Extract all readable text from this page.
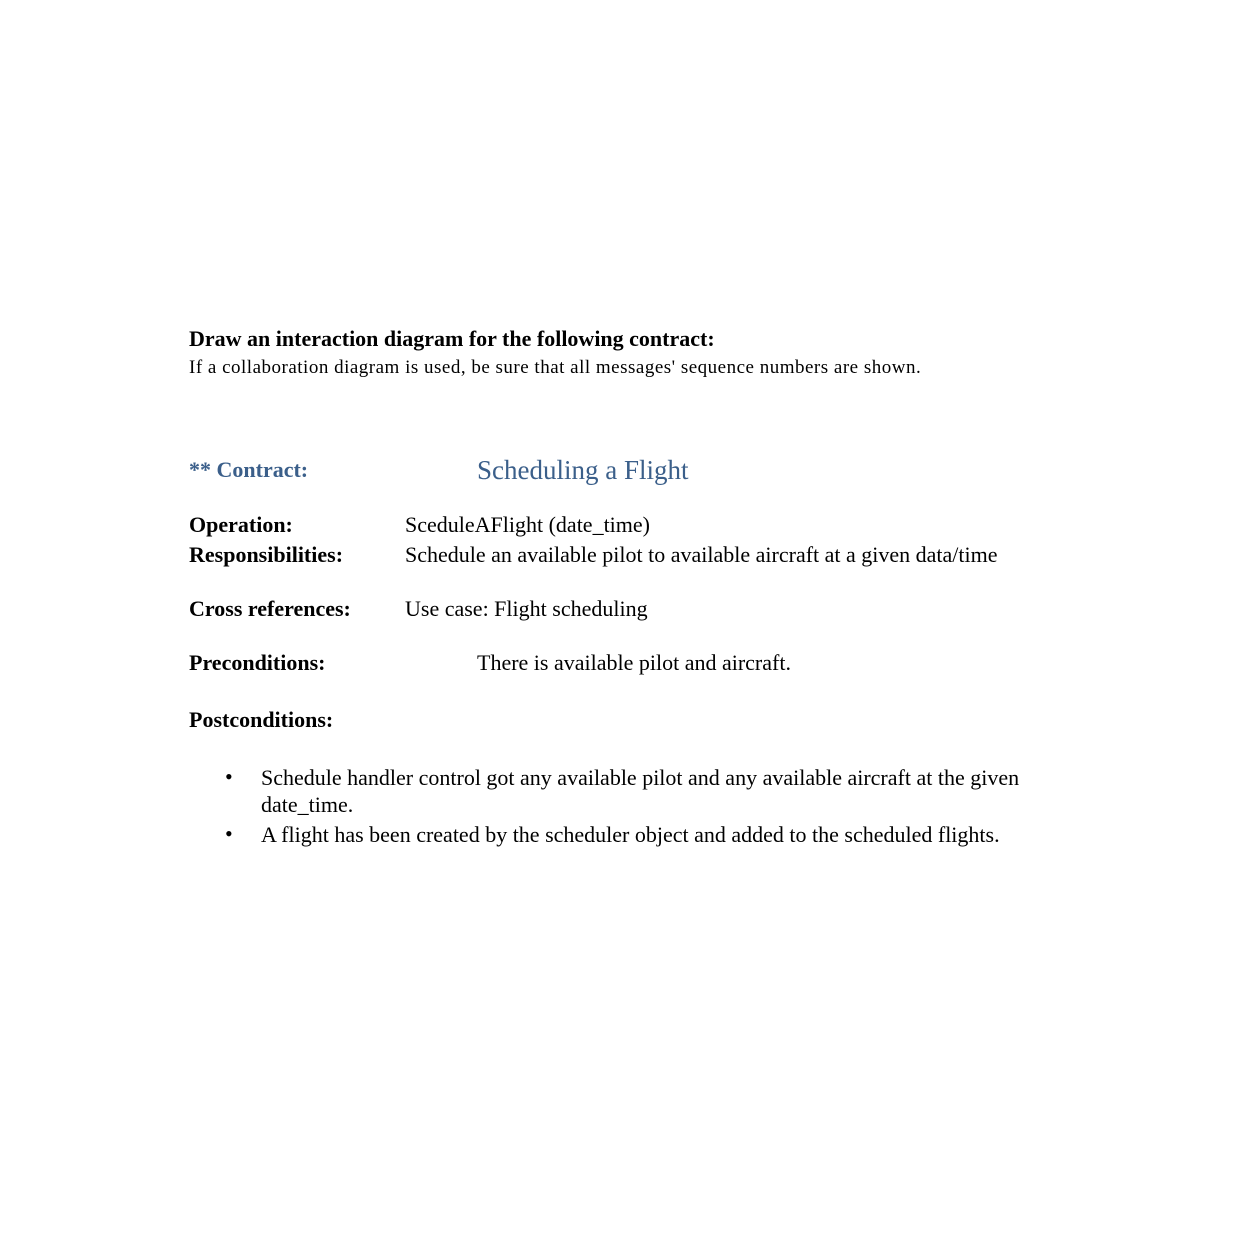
Draw an interaction diagram for the following contract:
If a collaboration diagram is used, be sure that all messages' sequence numbers are shown.
** Contract:	Scheduling a Flight
Operation:	SceduleAFlight (date_time)
Responsibilities:	Schedule an available pilot to available aircraft at a given data/time
Cross references: Use case: Flight scheduling
Preconditions:	There is available pilot and aircraft.
Postconditions:
• Schedule handler control got any available pilot and any available aircraft at the given date_time.
• A flight has been created by the scheduler object and added to the scheduled flights.
